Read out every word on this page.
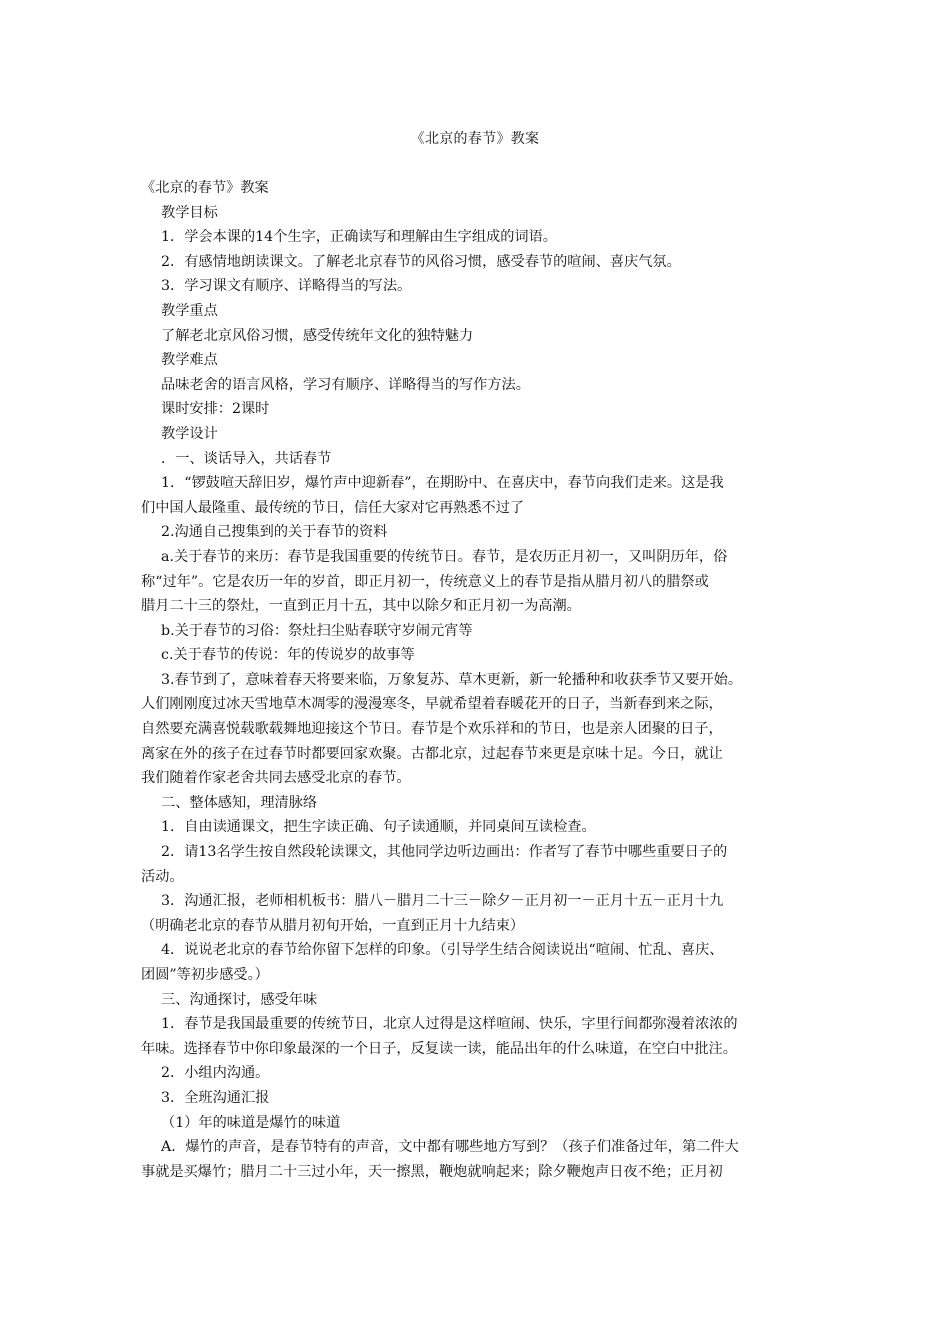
《北京的春节》教案
《北京的春节》教案
教学目标
1．学会本课的14个生字，正确读写和理解由生字组成的词语。
2．有感情地朗读课文。了解老北京春节的风俗习惯，感受春节的喧闹、喜庆气氛。
3．学习课文有顺序、详略得当的写法。
教学重点
了解老北京风俗习惯，感受传统年文化的独特魅力
教学难点
品味老舍的语言风格，学习有顺序、详略得当的写作方法。
课时安排：2课时
教学设计
．一、谈话导入，共话春节
1．“锣鼓喧天辞旧岁，爆竹声中迎新春”，在期盼中、在喜庆中，春节向我们走来。这是我
们中国人最隆重、最传统的节日，信任大家对它再熟悉不过了
2.沟通自己搜集到的关于春节的资料
a.关于春节的来历：春节是我国重要的传统节日。春节，是农历正月初一，又叫阴历年，俗
称“过年”。它是农历一年的岁首，即正月初一，传统意义上的春节是指从腊月初八的腊祭或
腊月二十三的祭灶，一直到正月十五，其中以除夕和正月初一为高潮。
b.关于春节的习俗：祭灶扫尘贴春联守岁闹元宵等
c.关于春节的传说：年的传说岁的故事等
3.春节到了，意味着春天将要来临，万象复苏、草木更新，新一轮播种和收获季节又要开始。
人们刚刚度过冰天雪地草木凋零的漫漫寒冬，早就希望着春暖花开的日子，当新春到来之际，
自然要充满喜悦载歌载舞地迎接这个节日。春节是个欢乐祥和的节日，也是亲人团聚的日子，
离家在外的孩子在过春节时都要回家欢聚。古都北京，过起春节来更是京味十足。今日，就让
我们随着作家老舍共同去感受北京的春节。
二、整体感知，理清脉络
1．自由读通课文，把生字读正确、句子读通顺，并同桌间互读检查。
2．请13名学生按自然段轮读课文，其他同学边听边画出：作者写了春节中哪些重要日子的
活动。
3．沟通汇报，老师相机板书：腊八－腊月二十三－除夕－正月初一－正月十五－正月十九
（明确老北京的春节从腊月初旬开始，一直到正月十九结束）
4．说说老北京的春节给你留下怎样的印象。（引导学生结合阅读说出“喧闹、忙乱、喜庆、
团圆”等初步感受。）
三、沟通探讨，感受年味
1．春节是我国最重要的传统节日，北京人过得是这样喧闹、快乐，字里行间都弥漫着浓浓的
年味。选择春节中你印象最深的一个日子，反复读一读，能品出年的什么味道，在空白中批注。
2．小组内沟通。
3．全班沟通汇报
（1）年的味道是爆竹的味道
A．爆竹的声音，是春节特有的声音，文中都有哪些地方写到？（孩子们准备过年，第二件大
事就是买爆竹；腊月二十三过小年，天一擦黑，鞭炮就响起来；除夕鞭炮声日夜不绝；正月初
